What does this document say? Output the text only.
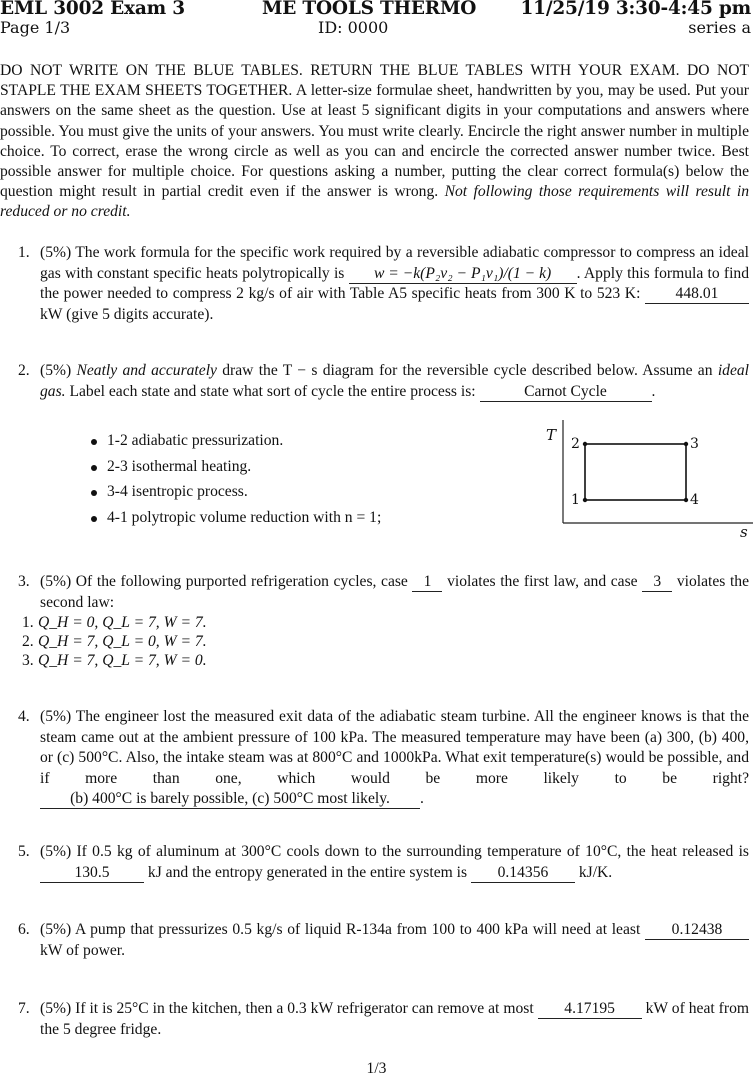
EML 3002 Exam 3	ME TOOLS THERMO 11/25/19 3:30-4:45 pm
Page 1/3	ID: 0000	series a
DO NOT WRITE ON THE BLUE TABLES. RETURN THE BLUE TABLES WITH YOUR EXAM. DO NOT STAPLE THE EXAM SHEETS TOGETHER. A letter-size formulae sheet, handwritten by you, may be used. Put your answers on the same sheet as the question. Use at least 5 significant digits in your computations and answers where possible. You must give the units of your answers. You must write clearly. Encircle the right answer number in multiple choice. To correct, erase the wrong circle as well as you can and encircle the corrected answer number twice. Best possible answer for multiple choice. For questions asking a number, putting the clear correct formula(s) below the question might result in partial credit even if the answer is wrong. Not following those requirements will result in reduced or no credit.
1. (5%) The work formula for the specific work required by a reversible adiabatic compressor to compress an ideal gas with constant specific heats polytropically is w = −k(P₂v₂ − P₁v₁)/(1 − k) . Apply this formula to find the power needed to compress 2 kg/s of air with Table A5 specific heats from 300 K to 523 K: 448.01 kW (give 5 digits accurate).
2. (5%) Neatly and accurately draw the T − s diagram for the reversible cycle described below. Assume an ideal gas. Label each state and state what sort of cycle the entire process is:	Carnot Cycle	.
1-2 adiabatic pressurization.
2-3 isothermal heating.
3-4 isentropic process.
4-1 polytropic volume reduction with n = 1;
T
s
1
2	3
4
3. (5%) Of the following purported refrigeration cycles, case 1 violates the first law, and case 3 violates the second law:
1. Q_H = 0, Q_L = 7, W = 7.
2. Q_H = 7, Q_L = 0, W = 7.
3. Q_H = 7, Q_L = 7, W = 0.
4. (5%) The engineer lost the measured exit data of the adiabatic steam turbine. All the engineer knows is that the steam came out at the ambient pressure of 100 kPa. The measured temperature may have been (a) 300, (b) 400, or (c) 500°C. Also, the intake steam was at 800°C and 1000kPa. What exit temperature(s) would be possible, and if more than one, which would be more likely to be right? (b) 400°C is barely possible, (c) 500°C most likely. .
5. (5%) If 0.5 kg of aluminum at 300°C cools down to the surrounding temperature of 10°C, the heat released is 130.5 kJ and the entropy generated in the entire system is 0.14356 kJ/K.
6. (5%) A pump that pressurizes 0.5 kg/s of liquid R-134a from 100 to 400 kPa will need at least 0.12438 kW of power.
7. (5%) If it is 25°C in the kitchen, then a 0.3 kW refrigerator can remove at most 4.17195 kW of heat from the 5 degree fridge.
1/3
